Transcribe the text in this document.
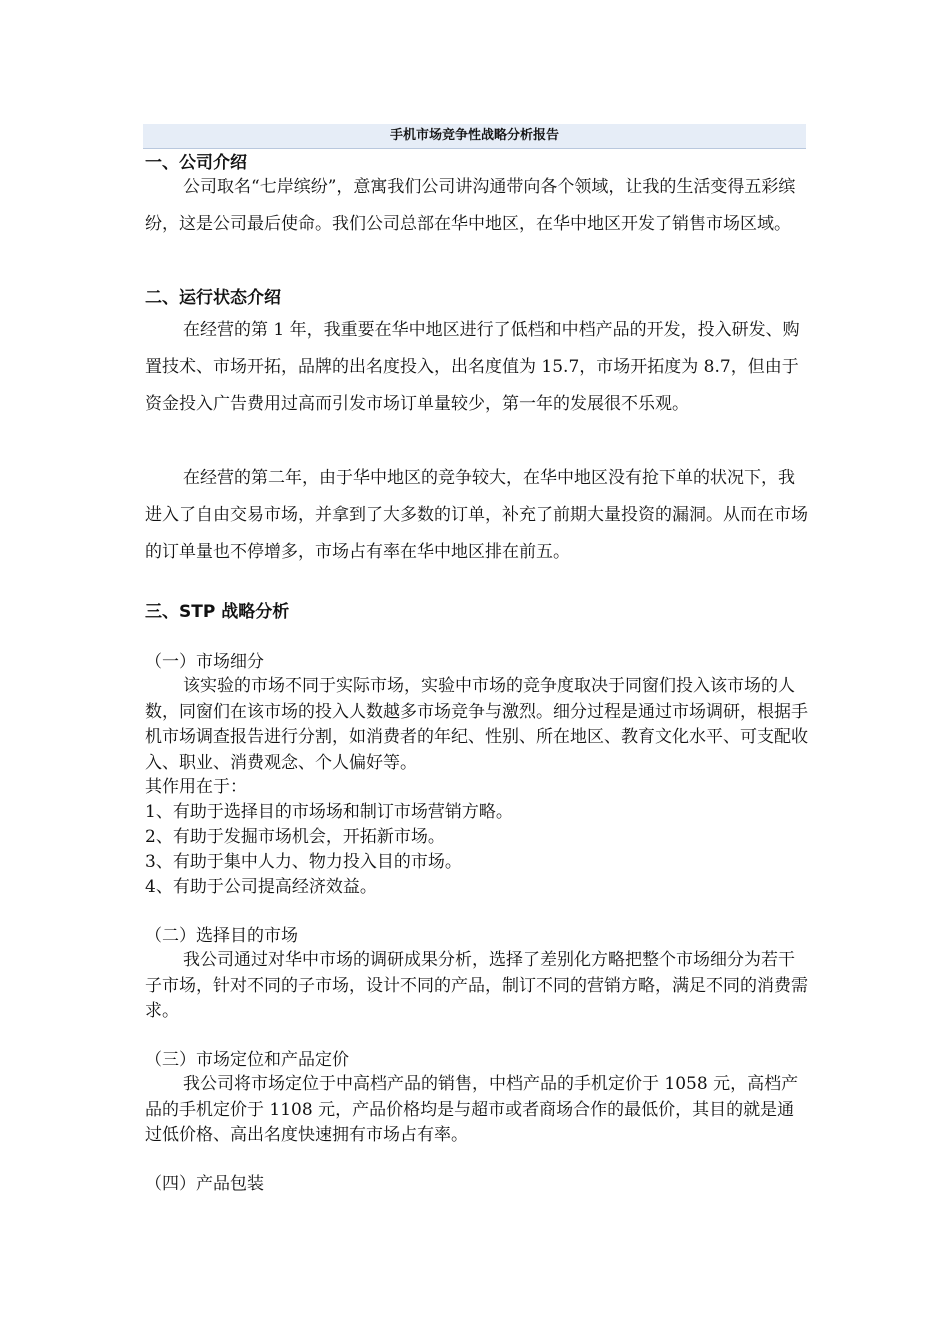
手机市场竞争性战略分析报告
一、公司介绍

公司取名“七岸缤纷”，意寓我们公司讲沟通带向各个领域，让我的生活变得五彩缤纷，这是公司最后使命。我们公司总部在华中地区，在华中地区开发了销售市场区域。

二、运行状态介绍

在经营的第 1 年，我重要在华中地区进行了低档和中档产品的开发，投入研发、购置技术、市场开拓，品牌的出名度投入，出名度值为 15.7，市场开拓度为 8.7，但由于资金投入广告费用过高而引发市场订单量较少，第一年的发展很不乐观。

在经营的第二年，由于华中地区的竞争较大，在华中地区没有抢下单的状况下，我进入了自由交易市场，并拿到了大多数的订单，补充了前期大量投资的漏洞。从而在市场的订单量也不停增多，市场占有率在华中地区排在前五。

三、STP 战略分析
（一）市场细分

该实验的市场不同于实际市场，实验中市场的竞争度取决于同窗们投入该市场的人数，同窗们在该市场的投入人数越多市场竞争与激烈。细分过程是通过市场调研，根据手机市场调查报告进行分割，如消费者的年纪、性别、所在地区、教育文化水平、可支配收入、职业、消费观念、个人偏好等。

其作用在于：
1、有助于选择目的市场场和制订市场营销方略。
2、有助于发掘市场机会，开拓新市场。
3、有助于集中人力、物力投入目的市场。
4、有助于公司提高经济效益。
（二）选择目的市场

我公司通过对华中市场的调研成果分析，选择了差别化方略把整个市场细分为若干子市场，针对不同的子市场，设计不同的产品，制订不同的营销方略，满足不同的消费需求。

（三）市场定位和产品定价

我公司将市场定位于中高档产品的销售，中档产品的手机定价于 1058 元，高档产品的手机定价于 1108 元，产品价格均是与超市或者商场合作的最低价，其目的就是通过低价格、高出名度快速拥有市场占有率。

（四）产品包装
